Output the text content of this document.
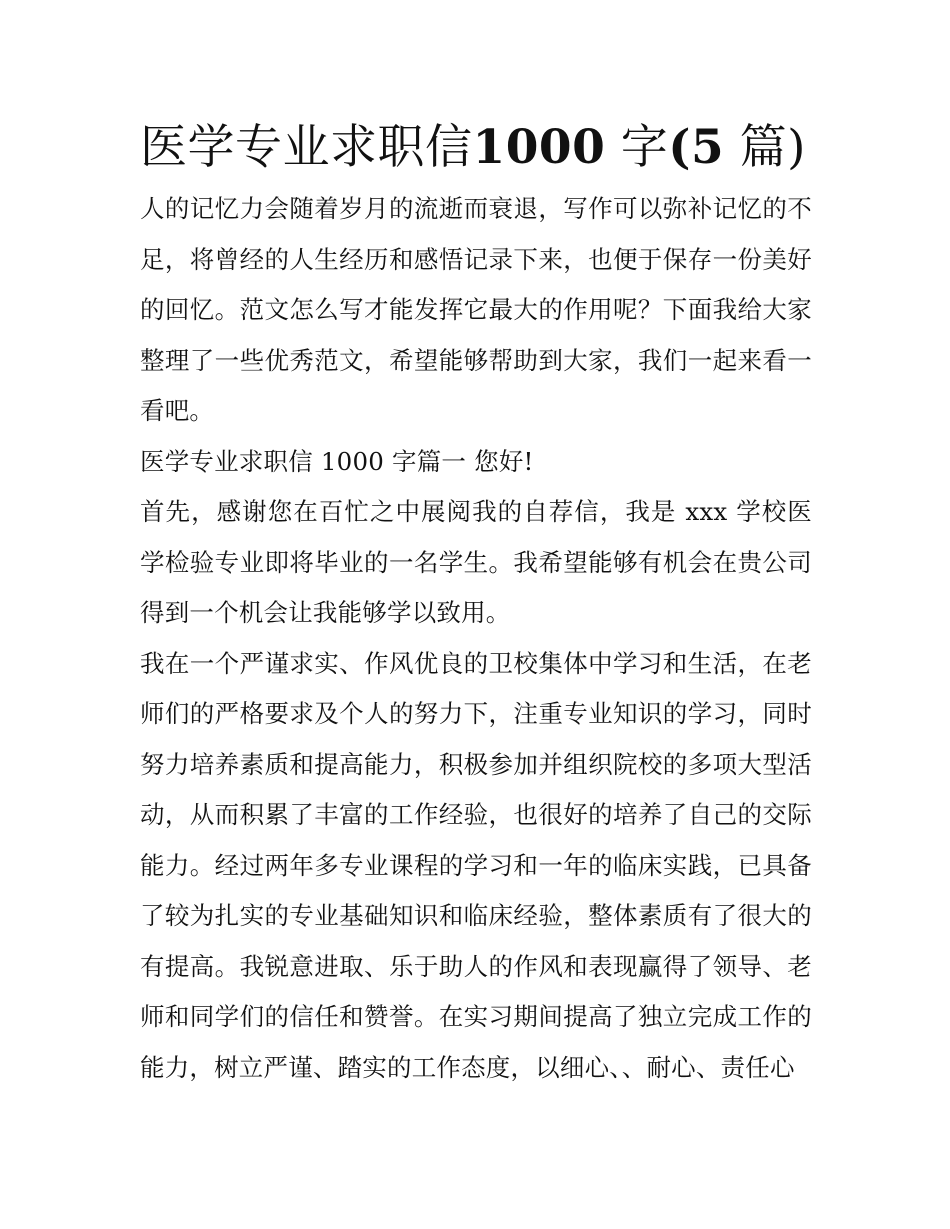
医学专业求职信1000 字(5 篇)

人的记忆力会随着岁月的流逝而衰退，写作可以弥补记忆的不足，将曾经的人生经历和感悟记录下来，也便于保存一份美好的回忆。范文怎么写才能发挥它最大的作用呢？下面我给大家整理了一些优秀范文，希望能够帮助到大家，我们一起来看一看吧。

医学专业求职信 1000 字篇一 您好!

首先，感谢您在百忙之中展阅我的自荐信，我是 xxx 学校医学检验专业即将毕业的一名学生。我希望能够有机会在贵公司得到一个机会让我能够学以致用。

我在一个严谨求实、作风优良的卫校集体中学习和生活，在老师们的严格要求及个人的努力下，注重专业知识的学习，同时努力培养素质和提高能力，积极参加并组织院校的多项大型活动，从而积累了丰富的工作经验，也很好的培养了自己的交际能力。经过两年多专业课程的学习和一年的临床实践，已具备了较为扎实的专业基础知识和临床经验，整体素质有了很大的有提高。我锐意进取、乐于助人的作风和表现赢得了领导、老师和同学们的信任和赞誉。在实习期间提高了独立完成工作的能力，树立严谨、踏实的工作态度，以细心、、耐心、责任心
